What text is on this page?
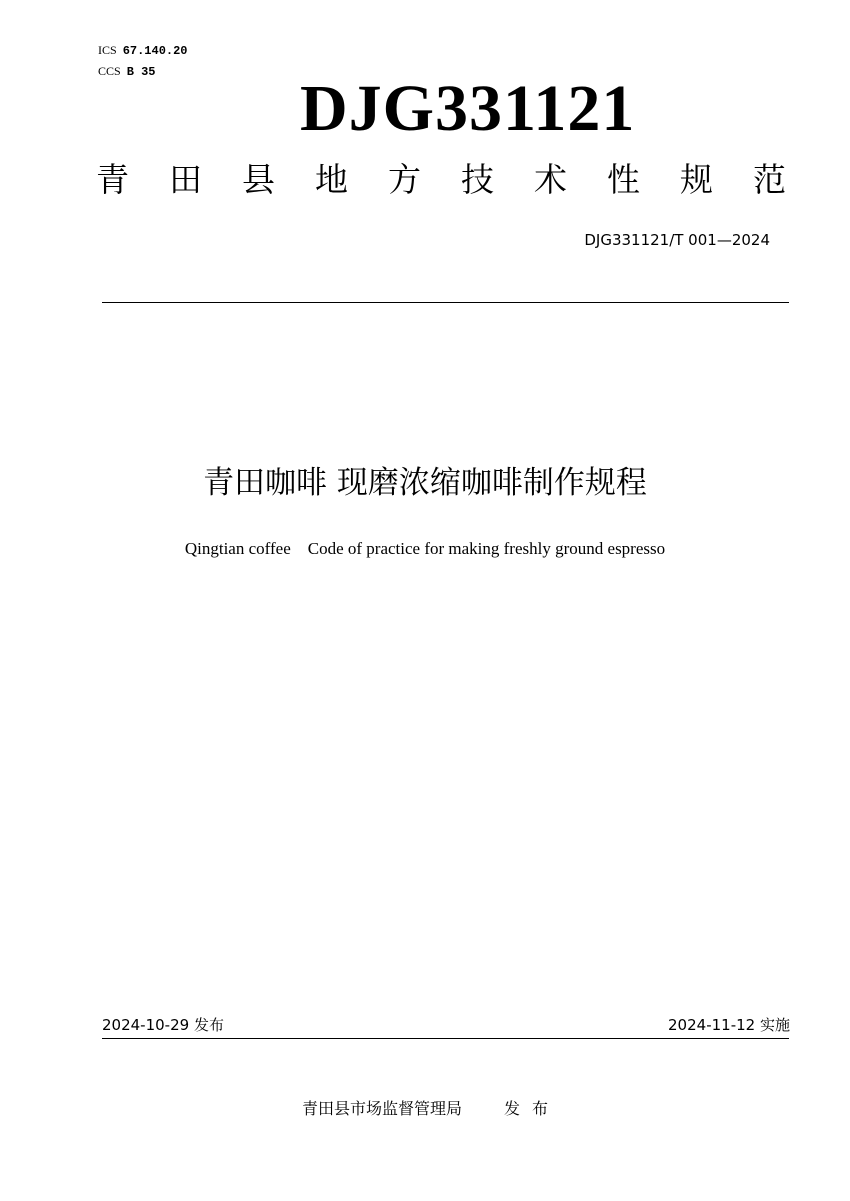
ICS 67.140.20
CCS B 35 DJG331121
青 田 县 地 方 技 术 性 规 范
DJG331121/T 001—2024
青田咖啡 现磨浓缩咖啡制作规程
Qingtian coffee    Code of practice for making freshly ground espresso
2024-10-29 发布	2024-11-12 实施
青田县市场监督管理局	发 布
